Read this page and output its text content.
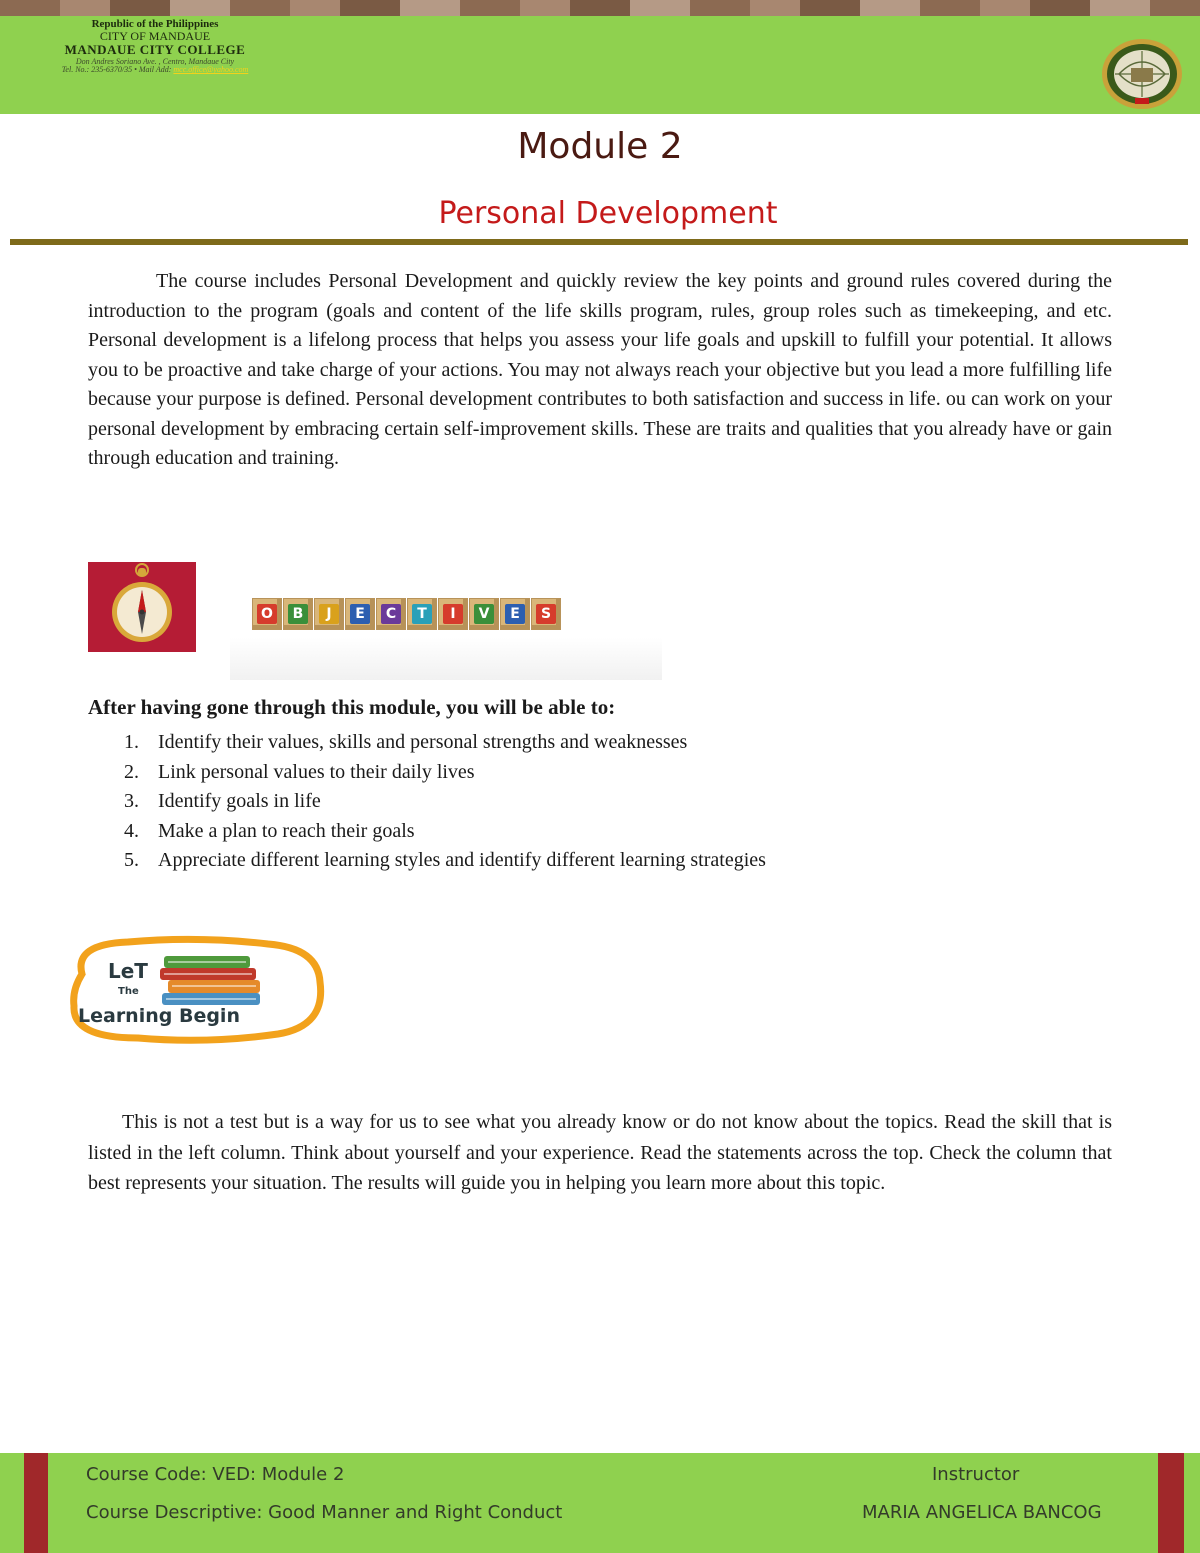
Republic of the Philippines
CITY OF MANDAUE
MANDAUE CITY COLLEGE
Don Andres Soriano Ave. , Centro, Mandaue City
Tel. No.: 235-6370/35 • Mail Add: mcc.office@yahoo.com
Module 2
Personal Development

The course includes Personal Development and quickly review the key points and ground rules covered during the introduction to the program (goals and content of the life skills program, rules, group roles such as timekeeping, and etc. Personal development is a lifelong process that helps you assess your life goals and upskill to fulfill your potential. It allows you to be proactive and take charge of your actions. You may not always reach your objective but you lead a more fulfilling life because your purpose is defined. Personal development contributes to both satisfaction and success in life. ou can work on your personal development by embracing certain self-improvement skills. These are traits and qualities that you already have or gain through education and training.

O	B	J	E	C	T	I	V	E	S
After having gone through this module, you will be able to:
1. Identify their values, skills and personal strengths and weaknesses
2. Link personal values to their daily lives
3. Identify goals in life
4. Make a plan to reach their goals
5. Appreciate different learning styles and identify different learning strategies
LeT
The
Learning Begin

This is not a test but is a way for us to see what you already know or do not know about the topics. Read the skill that is listed in the left column. Think about yourself and your experience. Read the statements across the top. Check the column that best represents your situation. The results will guide you in helping you learn more about this topic.

Course Code: VED: Module 2
Course Descriptive: Good Manner and Right Conduct
Instructor
MARIA ANGELICA BANCOG
